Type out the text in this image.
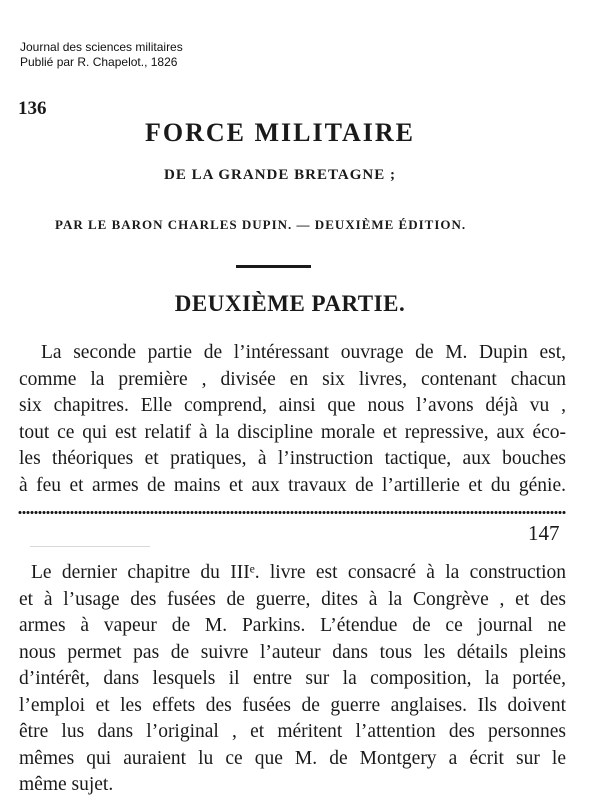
Journal des sciences militaires
Publié par R. Chapelot., 1826
136
FORCE MILITAIRE
DE LA GRANDE BRETAGNE ;
PAR LE BARON CHARLES DUPIN. — DEUXIÈME ÉDITION.
DEUXIÈME PARTIE.
La seconde partie de l’intéressant ouvrage de M. Dupin est,
comme la première , divisée en six livres, contenant chacun
six chapitres. Elle comprend, ainsi que nous l’avons déjà vu ,
tout ce qui est relatif à la discipline morale et repressive, aux éco-
les théoriques et pratiques, à l’instruction tactique, aux bouches
à feu et armes de mains et aux travaux de l’artillerie et du génie.
147
Le dernier chapitre du IIIᵉ. livre est consacré à la construction
et à l’usage des fusées de guerre, dites à la Congrève , et des
armes à vapeur de M. Parkins. L’étendue de ce journal ne
nous permet pas de suivre l’auteur dans tous les détails pleins
d’intérêt, dans lesquels il entre sur la composition, la portée,
l’emploi et les effets des fusées de guerre anglaises. Ils doivent
être lus dans l’original , et méritent l’attention des personnes
mêmes qui auraient lu ce que M. de Montgery a écrit sur le
même sujet.
